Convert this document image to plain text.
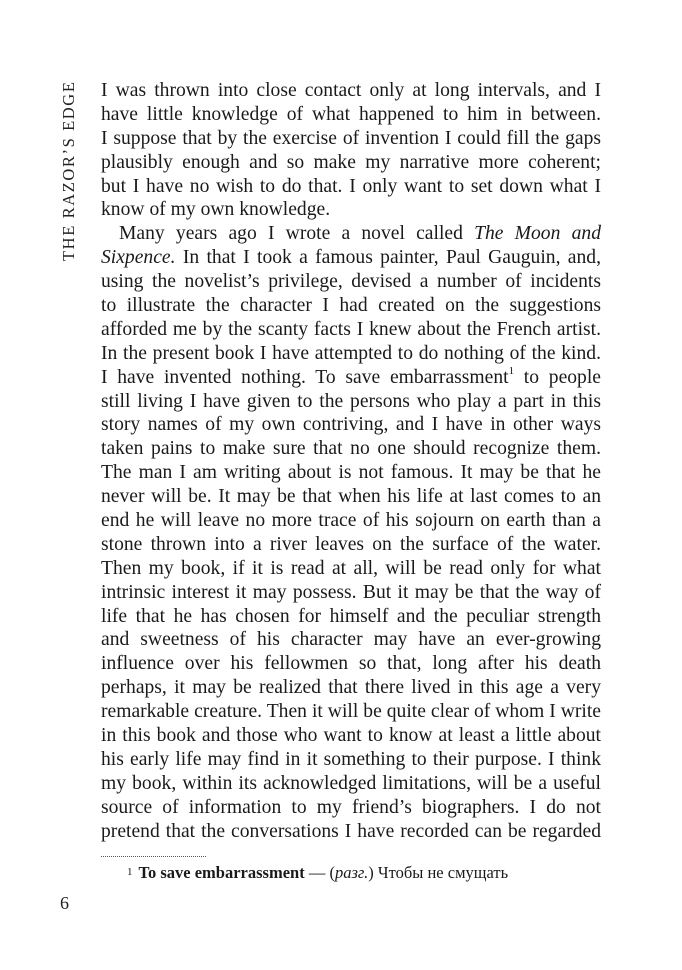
THE RAZOR’S EDGE I was thrown into close contact only at long intervals, and I
have little knowledge of what happened to him in between.
I suppose that by the exercise of invention I could fill the gaps
plausibly enough and so make my narrative more coherent;
but I have no wish to do that. I only want to set down what I
know of my own knowledge.
Many years ago I wrote a novel called The Moon and
Sixpence. In that I took a famous painter, Paul Gauguin, and,
using the novelist’s privilege, devised a number of incidents
to illustrate the character I had created on the suggestions
afforded me by the scanty facts I knew about the French artist.
In the present book I have attempted to do nothing of the kind.
I have invented nothing. To save embarrassment$^1$ to people
still living I have given to the persons who play a part in this
story names of my own contriving, and I have in other ways
taken pains to make sure that no one should recognize them.
The man I am writing about is not famous. It may be that he
never will be. It may be that when his life at last comes to an
end he will leave no more trace of his sojourn on earth than a
stone thrown into a river leaves on the surface of the water.
Then my book, if it is read at all, will be read only for what
intrinsic interest it may possess. But it may be that the way of
life that he has chosen for himself and the peculiar strength
and sweetness of his character may have an ever-growing
influence over his fellowmen so that, long after his death
perhaps, it may be realized that there lived in this age a very
remarkable creature. Then it will be quite clear of whom I write
in this book and those who want to know at least a little about
his early life may find in it something to their purpose. I think
my book, within its acknowledged limitations, will be a useful
source of information to my friend’s biographers. I do not
pretend that the conversations I have recorded can be regarded
$^1$ To save embarrassment — (разг.) Чтобы не смущать
6
